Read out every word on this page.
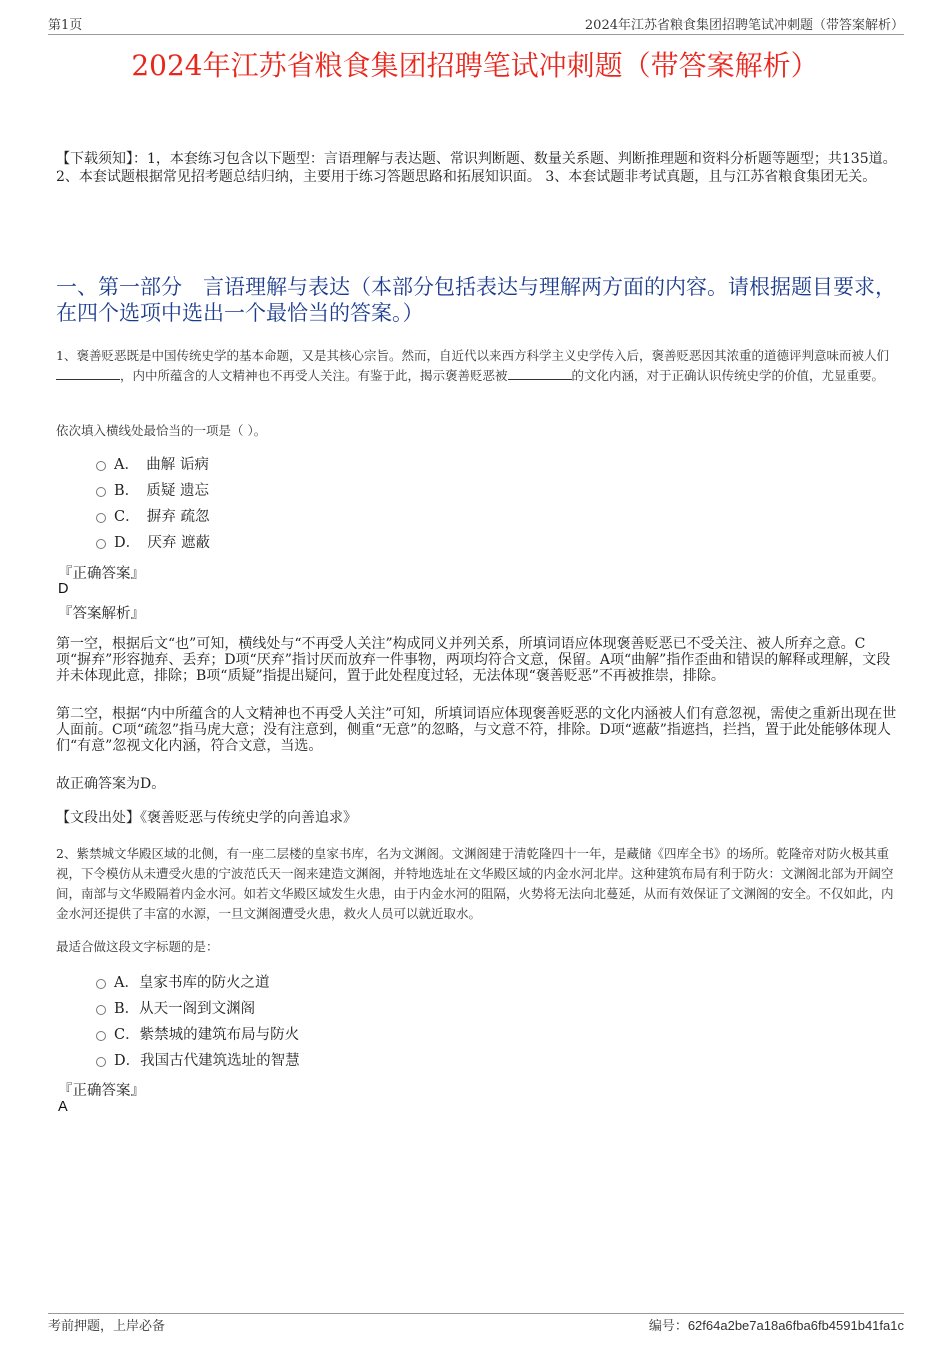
第1页	2024年江苏省粮食集团招聘笔试冲刺题（带答案解析）
2024年江苏省粮食集团招聘笔试冲刺题（带答案解析）
【下载须知】：1，本套练习包含以下题型：言语理解与表达题、常识判断题、数量关系题、判断推理题和资料分析题等题型；共135道。 2、本套试题根据常见招考题总结归纳，主要用于练习答题思路和拓展知识面。 3、本套试题非考试真题，且与江苏省粮食集团无关。
一、第一部分　言语理解与表达（本部分包括表达与理解两方面的内容。请根据题目要求，在四个选项中选出一个最恰当的答案。）
1、褒善贬恶既是中国传统史学的基本命题，又是其核心宗旨。然而，自近代以来西方科学主义史学传入后，褒善贬恶因其浓重的道德评判意味而被人们，内中所蕴含的人文精神也不再受人关注。有鉴于此，揭示褒善贬恶被	的文化内涵，对于正确认识传统史学的价值，尤显重要。
依次填入横线处最恰当的一项是（ ）。
A．　曲解 诟病
B．　质疑 遗忘
C．　摒弃 疏忽
D．　厌弃 遮蔽
『正确答案』
D
『答案解析』
第一空，根据后文“也”可知，横线处与“不再受人关注”构成同义并列关系，所填词语应体现褒善贬恶已不受关注、被人所弃之意。C项“摒弃”形容抛弃、丢弃；D项“厌弃”指讨厌而放弃一件事物，两项均符合文意，保留。A项“曲解”指作歪曲和错误的解释或理解，文段并未体现此意，排除；B项“质疑”指提出疑问，置于此处程度过轻，无法体现“褒善贬恶”不再被推崇，排除。
第二空，根据“内中所蕴含的人文精神也不再受人关注”可知，所填词语应体现褒善贬恶的文化内涵被人们有意忽视，需使之重新出现在世人面前。C项“疏忽”指马虎大意；没有注意到，侧重“无意”的忽略，与文意不符，排除。D项“遮蔽”指遮挡，拦挡，置于此处能够体现人们“有意”忽视文化内涵，符合文意，当选。
故正确答案为D。
【文段出处】《褒善贬恶与传统史学的向善追求》
2、紫禁城文华殿区域的北侧，有一座二层楼的皇家书库，名为文渊阁。文渊阁建于清乾隆四十一年，是藏储《四库全书》的场所。乾隆帝对防火极其重视，下令模仿从未遭受火患的宁波范氏天一阁来建造文渊阁，并特地选址在文华殿区域的内金水河北岸。这种建筑布局有利于防火：文渊阁北部为开阔空间，南部与文华殿隔着内金水河。如若文华殿区域发生火患，由于内金水河的阻隔，火势将无法向北蔓延，从而有效保证了文渊阁的安全。不仅如此，内金水河还提供了丰富的水源，一旦文渊阁遭受火患，救火人员可以就近取水。
最适合做这段文字标题的是：
A．皇家书库的防火之道
B．从天一阁到文渊阁
C．紫禁城的建筑布局与防火
D．我国古代建筑选址的智慧
『正确答案』
A
考前押题，上岸必备	编号：62f64a2be7a18a6fba6fb4591b41fa1c
